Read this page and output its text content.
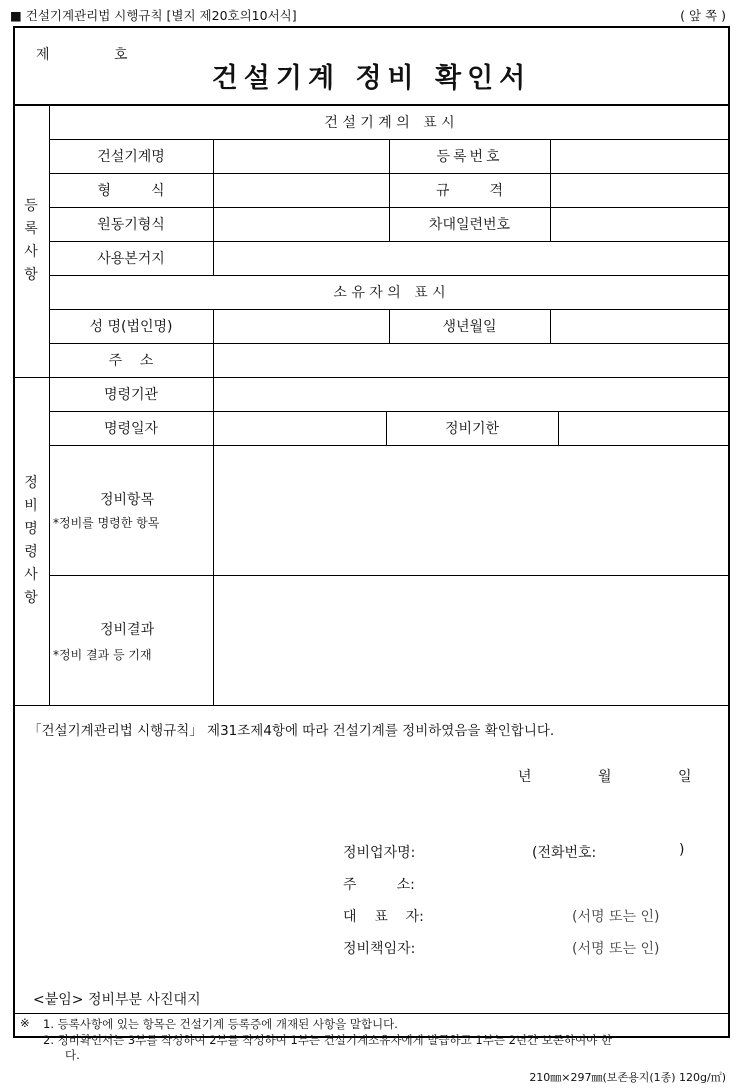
■ 건설기계관리법 시행규칙 [별지 제20호의10서식]	( 앞 쪽 )
제 호
건설기계 정비 확인서
등
록
사
항
건 설 기 계 의   표 시
건설기계명	등록번호
형         식	규         격
원동기형식	차대일련번호
사용본거지
소 유 자 의   표 시
성 명(법인명)	생년월일
주    소
정
비
명
령
사
항
명령기관
명령일자	정비기한
정비항목
*정비를 명령한 항목
정비결과
*정비 결과 등 기재
「건설기계관리법 시행규칙」 제31조제4항에 따라 건설기계를 정비하였음을 확인합니다.
년	월	일
정비업자명:	(전화번호:	)
주         소:
대    표    자:	(서명 또는 인)
정비책임자:	(서명 또는 인)
<붙임> 정비부분 사진대지
※ 1. 등록사항에 있는 항목은 건설기계 등록증에 개재된 사항을 말합니다.
2. 정비확인서는 3부를 작성하여 2부를 작성하여 1부는 건설기계소유자에게 발급하고 1부는 2년간 보존하여야 한
다.
210㎜×297㎜(보존용지(1종) 120g/㎡)
